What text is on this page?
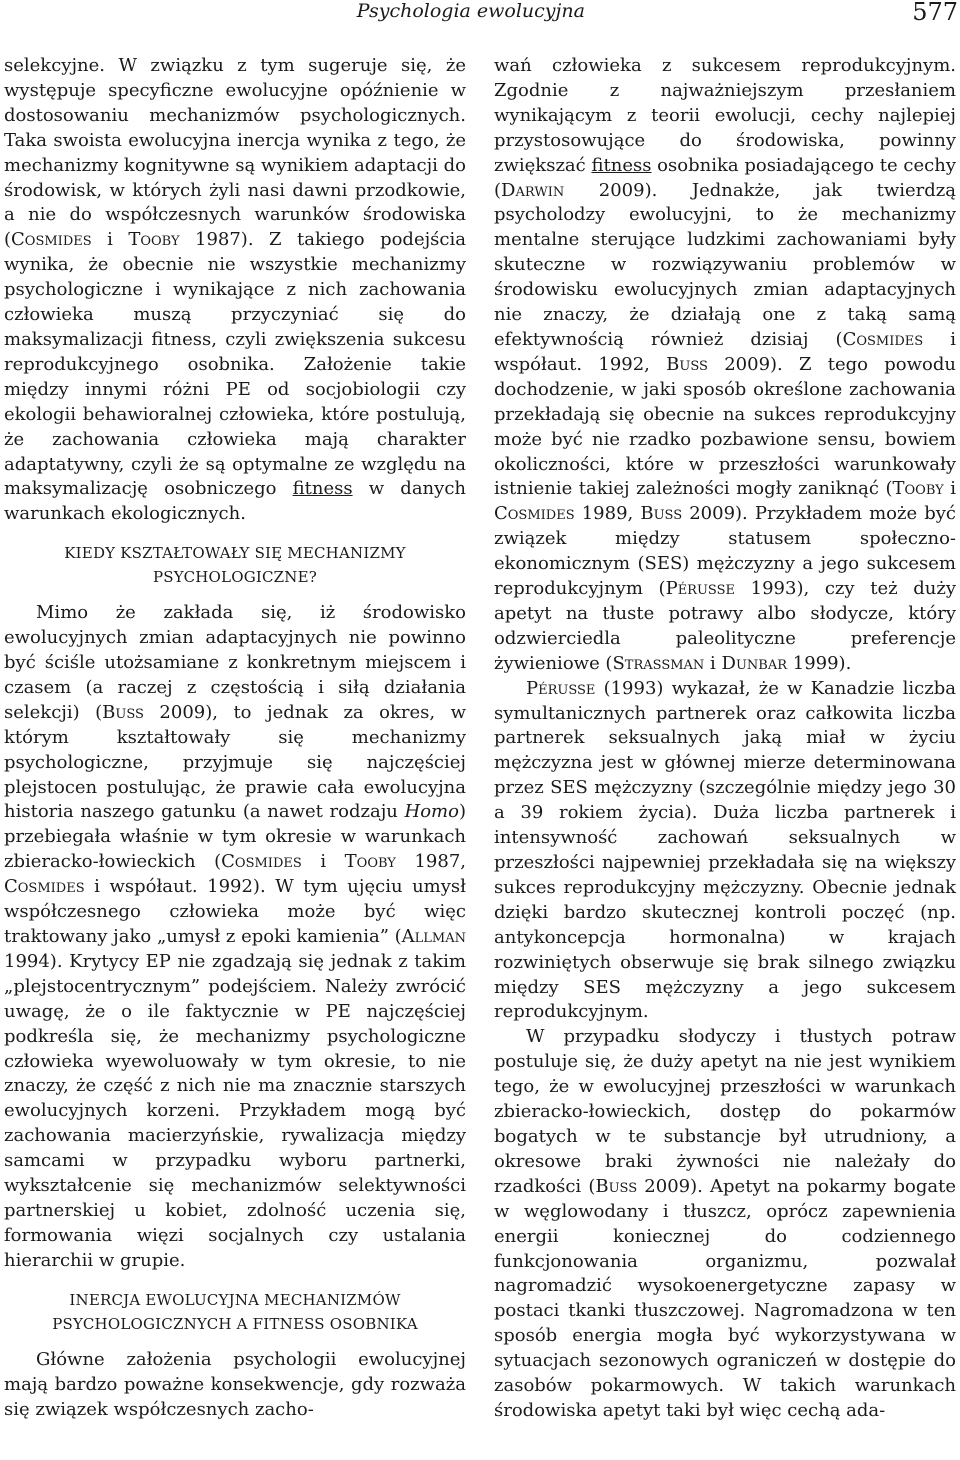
Psychologia ewolucyjna	577

selekcyjne. W związku z tym sugeruje się, że występuje specyficzne ewolucyjne opóźnienie w dostosowaniu mechanizmów psychologicznych. Taka swoista ewolucyjna inercja wynika z tego, że mechanizmy kognitywne są wynikiem adaptacji do środowisk, w których żyli nasi dawni przodkowie, a nie do współczesnych warunków środowiska (Cosmides i Tooby 1987). Z takiego podejścia wynika, że obecnie nie wszystkie mechanizmy psychologiczne i wynikające z nich zachowania człowieka muszą przyczyniać się do maksymalizacji fitness, czyli zwiększenia sukcesu reprodukcyjnego osobnika. Założenie takie między innymi różni PE od socjobiologii czy ekologii behawioralnej człowieka, które postulują, że zachowania człowieka mają charakter adaptatywny, czyli że są optymalne ze względu na maksymalizację osobniczego fitness w danych warunkach ekologicznych.

KIEDY KSZTAŁTOWAŁY SIĘ MECHANIZMY
PSYCHOLOGICZNE?

Mimo że zakłada się, iż środowisko ewolucyjnych zmian adaptacyjnych nie powinno być ściśle utożsamiane z konkretnym miejscem i czasem (a raczej z częstością i siłą działania selekcji) (Buss 2009), to jednak za okres, w którym kształtowały się mechanizmy psychologiczne, przyjmuje się najczęściej plejstocen postulując, że prawie cała ewolucyjna historia naszego gatunku (a nawet rodzaju Homo) przebiegała właśnie w tym okresie w warunkach zbieracko-łowieckich (Cosmides i Tooby 1987, Cosmides i współaut. 1992). W tym ujęciu umysł współczesnego człowieka może być więc traktowany jako „umysł z epoki kamienia” (Allman 1994). Krytycy EP nie zgadzają się jednak z takim „plejstocentrycznym” podejściem. Należy zwrócić uwagę, że o ile faktycznie w PE najczęściej podkreśla się, że mechanizmy psychologiczne człowieka wyewoluowały w tym okresie, to nie znaczy, że część z nich nie ma znacznie starszych ewolucyjnych korzeni. Przykładem mogą być zachowania macierzyńskie, rywalizacja między samcami w przypadku wyboru partnerki, wykształcenie się mechanizmów selektywności partnerskiej u kobiet, zdolność uczenia się, formowania więzi socjalnych czy ustalania hierarchii w grupie.

INERCJA EWOLUCYJNA MECHANIZMÓW
PSYCHOLOGICZNYCH A FITNESS OSOBNIKA

Główne założenia psychologii ewolucyjnej mają bardzo poważne konsekwencje, gdy rozważa się związek współczesnych zacho-

wań człowieka z sukcesem reprodukcyjnym. Zgodnie z najważniejszym przesłaniem wynikającym z teorii ewolucji, cechy najlepiej przystosowujące do środowiska, powinny zwiększać fitness osobnika posiadającego te cechy (Darwin 2009). Jednakże, jak twierdzą psycholodzy ewolucyjni, to że mechanizmy mentalne sterujące ludzkimi zachowaniami były skuteczne w rozwiązywaniu problemów w środowisku ewolucyjnych zmian adaptacyjnych nie znaczy, że działają one z taką samą efektywnością również dzisiaj (Cosmides i współaut. 1992, Buss 2009). Z tego powodu dochodzenie, w jaki sposób określone zachowania przekładają się obecnie na sukces reprodukcyjny może być nie rzadko pozbawione sensu, bowiem okoliczności, które w przeszłości warunkowały istnienie takiej zależności mogły zaniknąć (Tooby i Cosmides 1989, Buss 2009). Przykładem może być związek między statusem społeczno-ekonomicznym (SES) mężczyzny a jego sukcesem reprodukcyjnym (Pérusse 1993), czy też duży apetyt na tłuste potrawy albo słodycze, który odzwierciedla paleolityczne preferencje żywieniowe (Strassman i Dunbar 1999).

Pérusse (1993) wykazał, że w Kanadzie liczba symultanicznych partnerek oraz całkowita liczba partnerek seksualnych jaką miał w życiu mężczyzna jest w głównej mierze determinowana przez SES mężczyzny (szczególnie między jego 30 a 39 rokiem życia). Duża liczba partnerek i intensywność zachowań seksualnych w przeszłości najpewniej przekładała się na większy sukces reprodukcyjny mężczyzny. Obecnie jednak dzięki bardzo skutecznej kontroli poczęć (np. antykoncepcja hormonalna) w krajach rozwiniętych obserwuje się brak silnego związku między SES mężczyzny a jego sukcesem reprodukcyjnym.

W przypadku słodyczy i tłustych potraw postuluje się, że duży apetyt na nie jest wynikiem tego, że w ewolucyjnej przeszłości w warunkach zbieracko-łowieckich, dostęp do pokarmów bogatych w te substancje był utrudniony, a okresowe braki żywności nie należały do rzadkości (Buss 2009). Apetyt na pokarmy bogate w węglowodany i tłuszcz, oprócz zapewnienia energii koniecznej do codziennego funkcjonowania organizmu, pozwalał nagromadzić wysokoenergetyczne zapasy w postaci tkanki tłuszczowej. Nagromadzona w ten sposób energia mogła być wykorzystywana w sytuacjach sezonowych ograniczeń w dostępie do zasobów pokarmowych. W takich warunkach środowiska apetyt taki był więc cechą ada-
